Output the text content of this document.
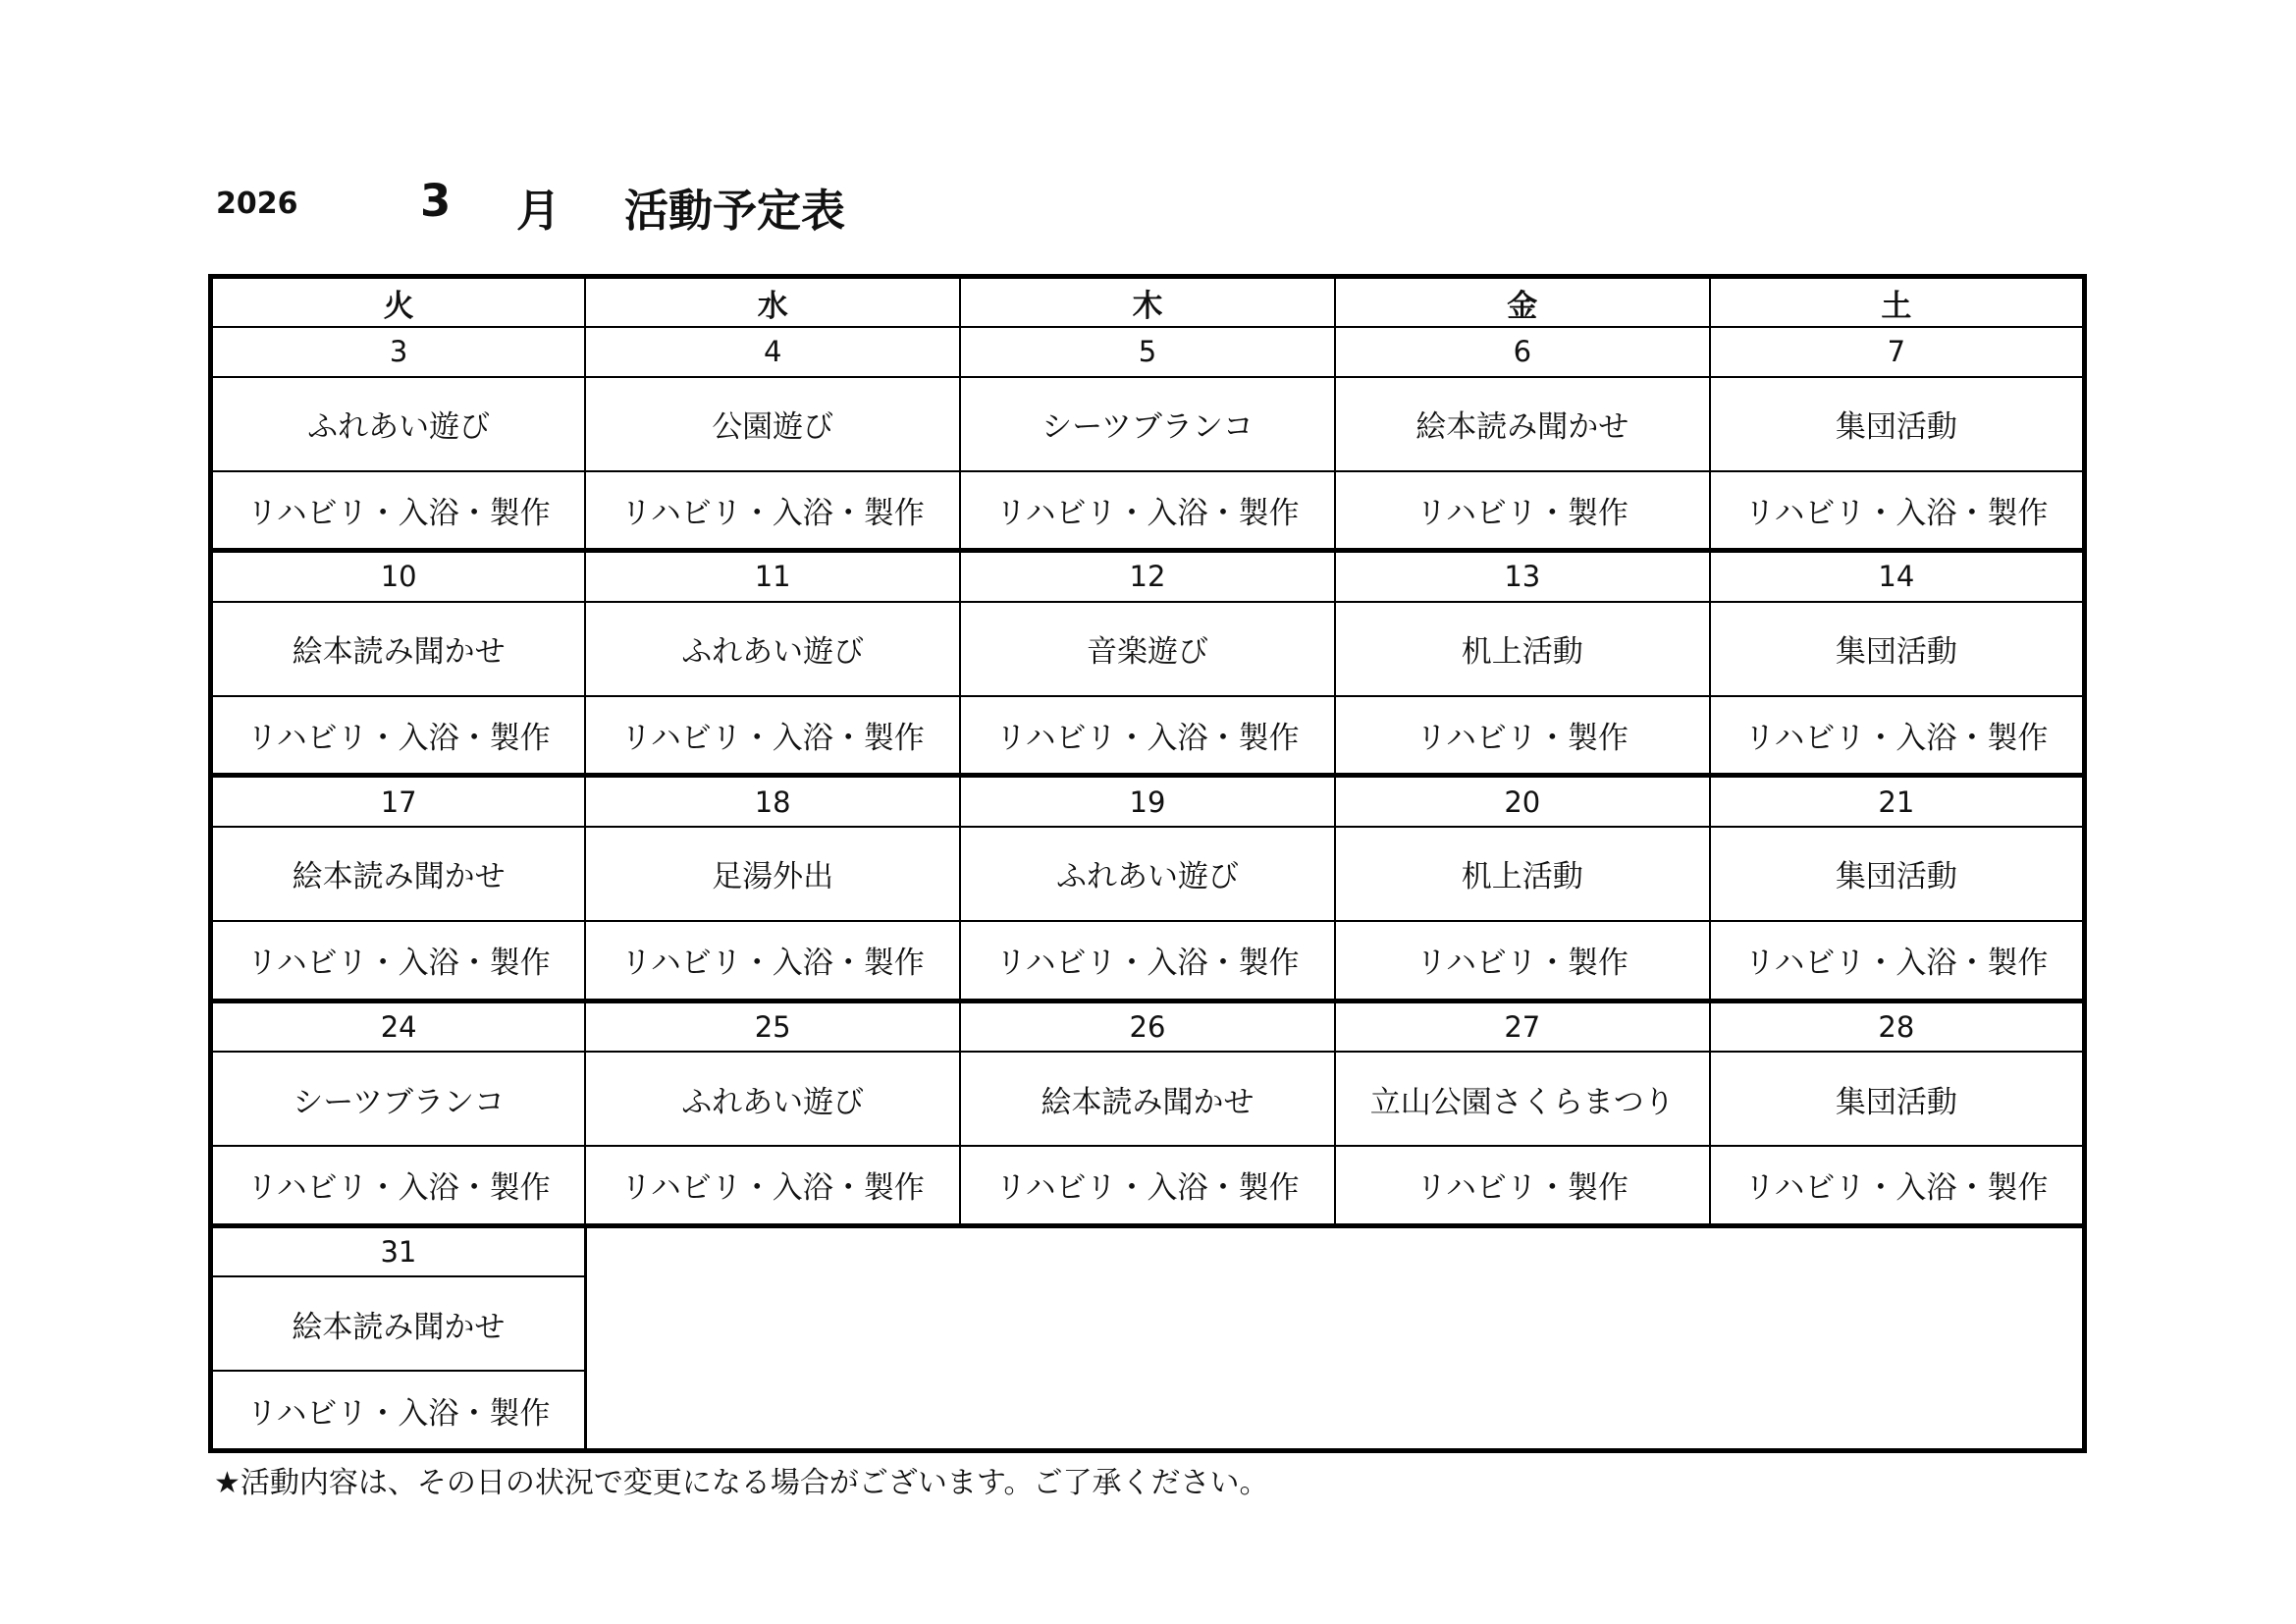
2026	3 月 活動予定表
火	水	木	金	土
3	4	5	6	7
ふれあい遊び	公園遊び	シーツブランコ	絵本読み聞かせ	集団活動
リハビリ・入浴・製作	リハビリ・入浴・製作	リハビリ・入浴・製作	リハビリ・製作	リハビリ・入浴・製作
10	11	12	13	14
絵本読み聞かせ	ふれあい遊び	音楽遊び	机上活動	集団活動
リハビリ・入浴・製作	リハビリ・入浴・製作	リハビリ・入浴・製作	リハビリ・製作	リハビリ・入浴・製作
17	18	19	20	21
絵本読み聞かせ	足湯外出	ふれあい遊び	机上活動	集団活動
リハビリ・入浴・製作	リハビリ・入浴・製作	リハビリ・入浴・製作	リハビリ・製作	リハビリ・入浴・製作
24	25	26	27	28
シーツブランコ	ふれあい遊び	絵本読み聞かせ	立山公園さくらまつり	集団活動
リハビリ・入浴・製作	リハビリ・入浴・製作	リハビリ・入浴・製作	リハビリ・製作	リハビリ・入浴・製作
31				
絵本読み聞かせ				
リハビリ・入浴・製作				
★活動内容は、その日の状況で変更になる場合がございます。ご了承ください。
